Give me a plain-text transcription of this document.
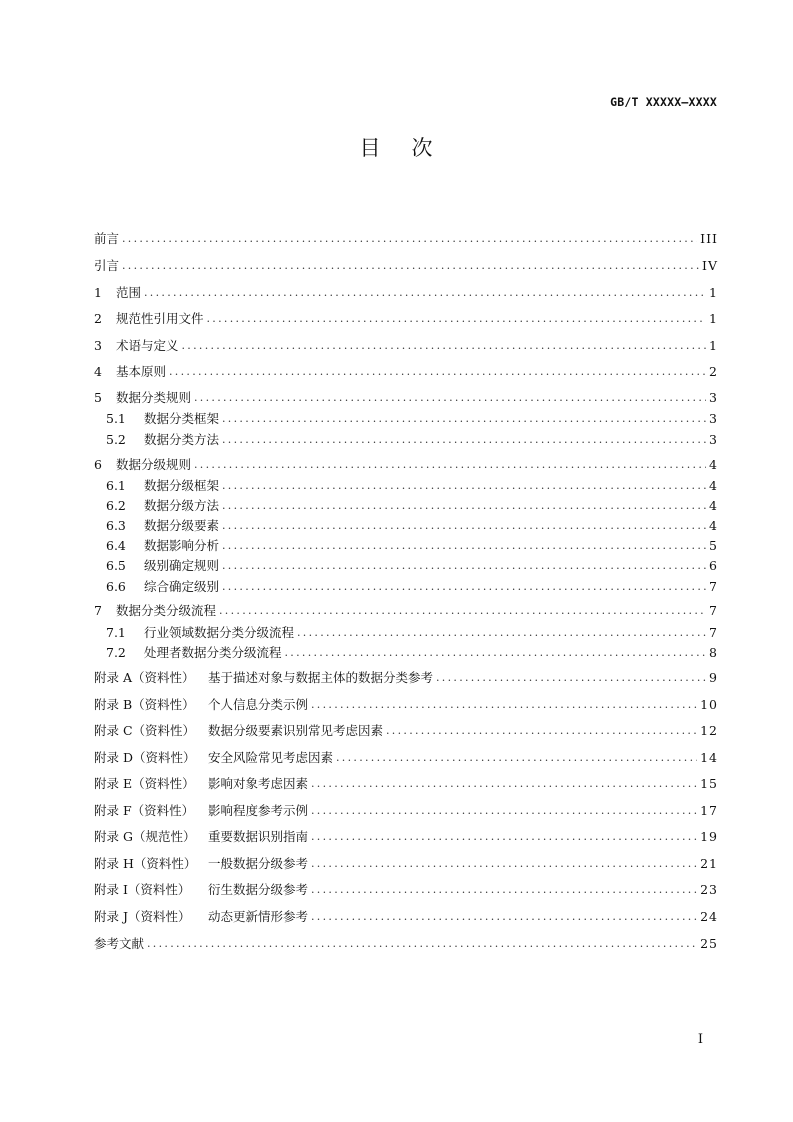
GB/T XXXXX—XXXX
目 次
前言 .....	III
引言 .....	IV
1	范围 .....	1
2	规范性引用文件 .....	1
3	术语与定义 .....	1
4	基本原则 .....	2
5	数据分类规则 .....	3
5.1	数据分类框架 .....	3
5.2	数据分类方法 .....	3
6	数据分级规则 .....	4
6.1	数据分级框架 .....	4
6.2	数据分级方法 .....	4
6.3	数据分级要素 .....	4
6.4	数据影响分析 .....	5
6.5	级别确定规则 .....	6
6.6	综合确定级别 .....	7
7	数据分类分级流程 .....	7
7.1	行业领域数据分类分级流程 .....	7
7.2	处理者数据分类分级流程 .....	8
附录 A（资料性）	基于描述对象与数据主体的数据分类参考 .....	9
附录 B（资料性）	个人信息分类示例 .....	10
附录 C（资料性）	数据分级要素识别常见考虑因素 .....	12
附录 D（资料性）	安全风险常见考虑因素 .....	14
附录 E（资料性）	影响对象考虑因素 .....	15
附录 F（资料性）	影响程度参考示例 .....	17
附录 G（规范性）	重要数据识别指南 .....	19
附录 H（资料性） 一般数据分级参考 .....	21
附录 I（资料性）	衍生数据分级参考 .....	23
附录 J（资料性）	动态更新情形参考 .....	24
参考文献 .....	25
I
